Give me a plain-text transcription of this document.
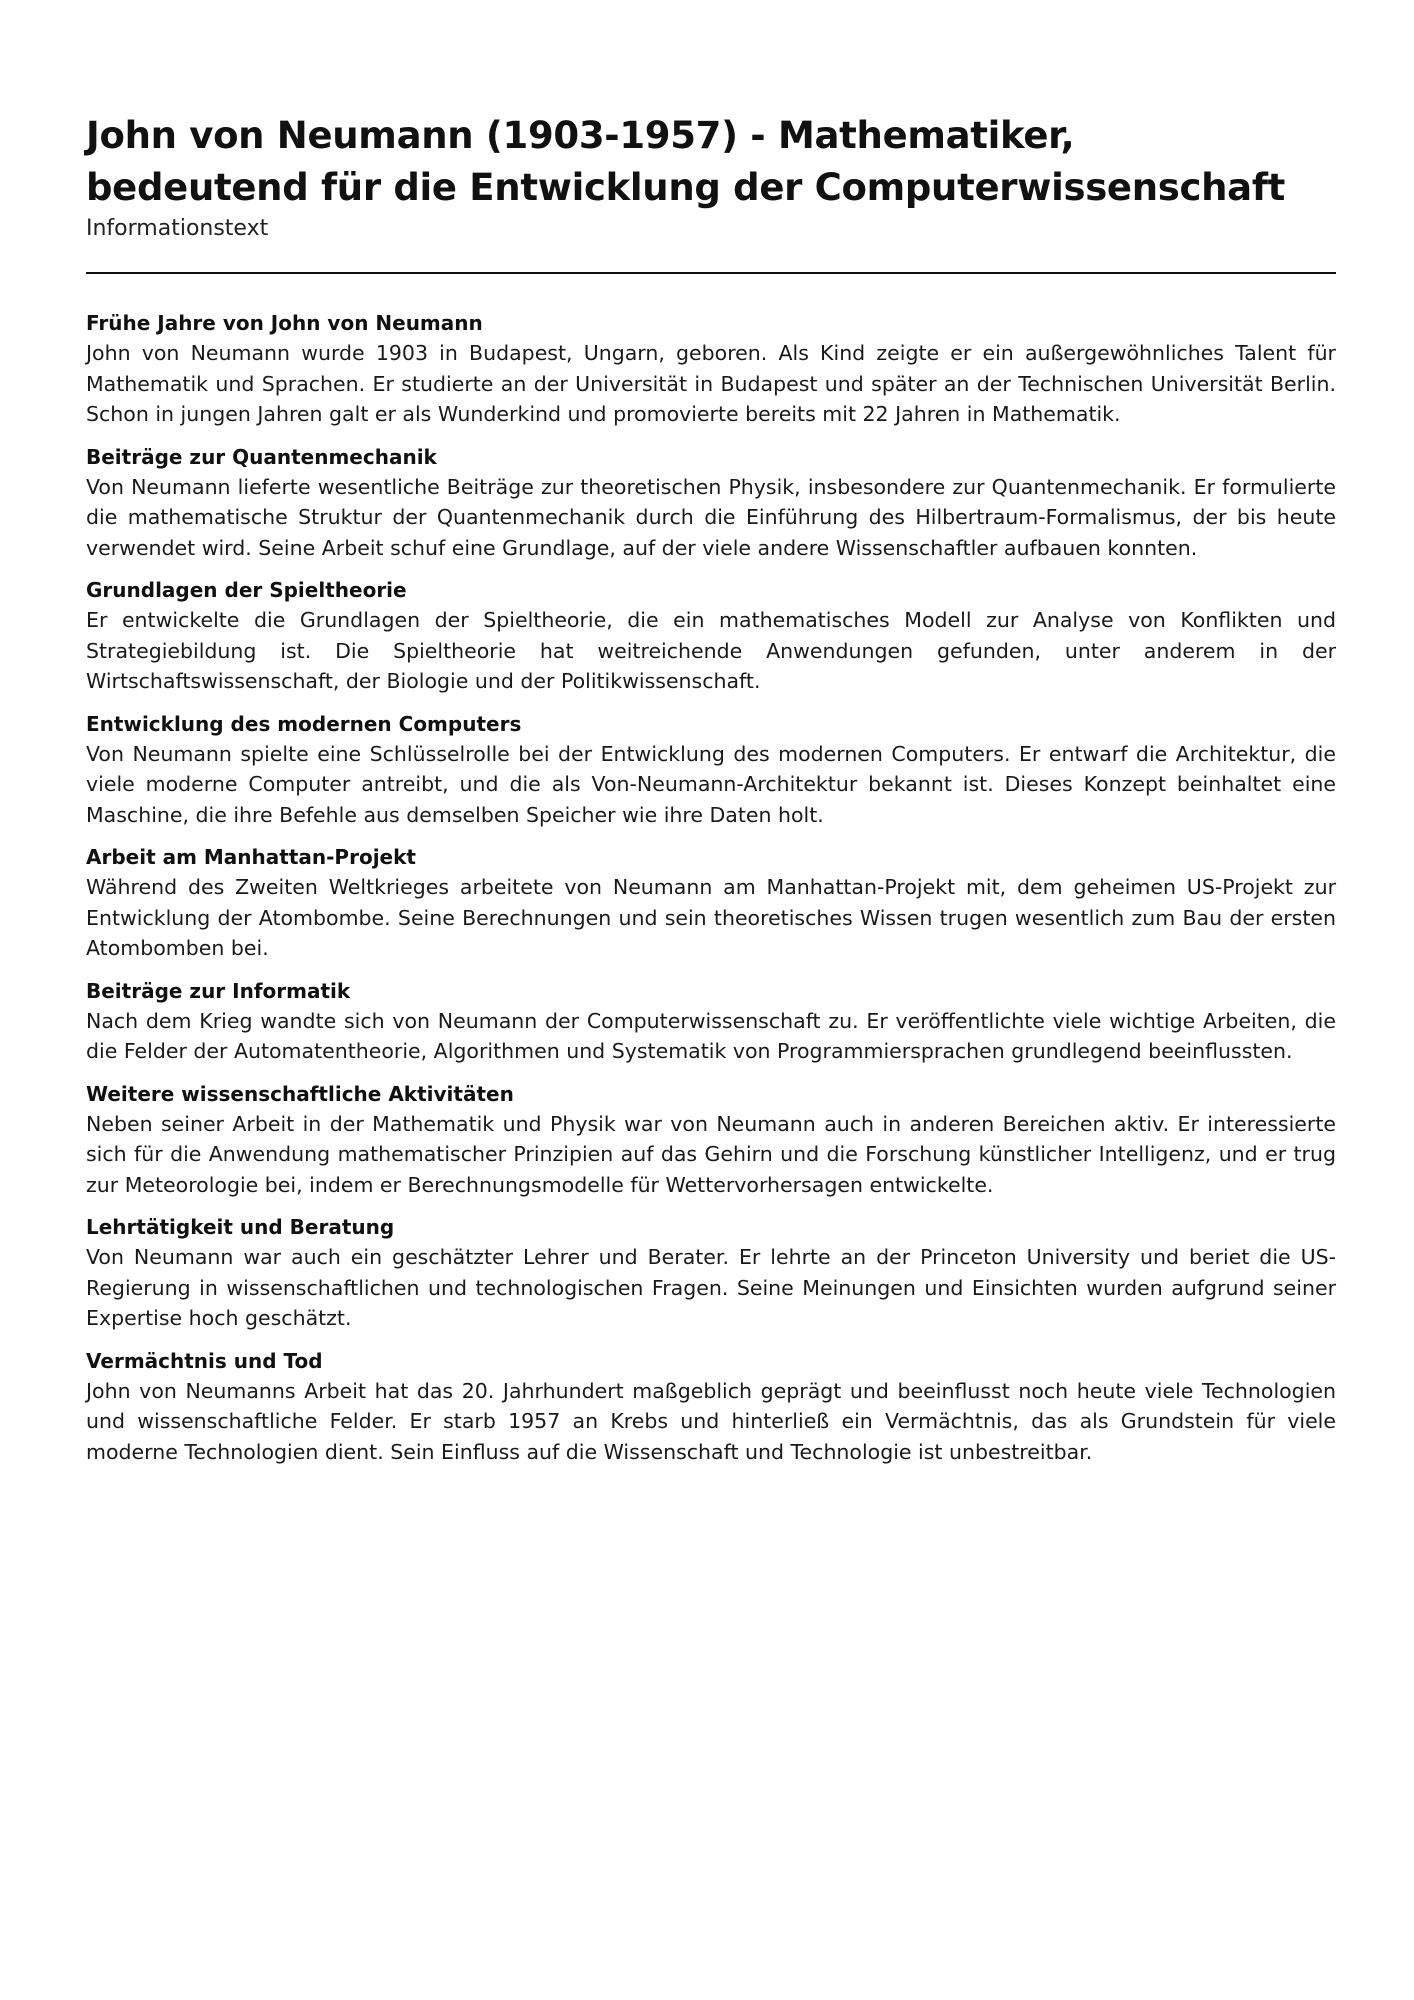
John von Neumann (1903-1957) - Mathematiker,
bedeutend für die Entwicklung der Computerwissenschaft

Informationstext

Frühe Jahre von John von Neumann

John von Neumann wurde 1903 in Budapest, Ungarn, geboren. Als Kind zeigte er ein außergewöhnliches Talent für Mathematik und Sprachen. Er studierte an der Universität in Budapest und später an der Technischen Universität Berlin. Schon in jungen Jahren galt er als Wunderkind und promovierte bereits mit 22 Jahren in Mathematik.

Beiträge zur Quantenmechanik

Von Neumann lieferte wesentliche Beiträge zur theoretischen Physik, insbesondere zur Quantenmechanik. Er formulierte die mathematische Struktur der Quantenmechanik durch die Einführung des Hilbertraum-Formalismus, der bis heute verwendet wird. Seine Arbeit schuf eine Grundlage, auf der viele andere Wissenschaftler aufbauen konnten.

Grundlagen der Spieltheorie

Er entwickelte die Grundlagen der Spieltheorie, die ein mathematisches Modell zur Analyse von Konflikten und Strategiebildung ist. Die Spieltheorie hat weitreichende Anwendungen gefunden, unter anderem in der Wirtschaftswissenschaft, der Biologie und der Politikwissenschaft.

Entwicklung des modernen Computers

Von Neumann spielte eine Schlüsselrolle bei der Entwicklung des modernen Computers. Er entwarf die Architektur, die viele moderne Computer antreibt, und die als Von-Neumann-Architektur bekannt ist. Dieses Konzept beinhaltet eine Maschine, die ihre Befehle aus demselben Speicher wie ihre Daten holt.

Arbeit am Manhattan-Projekt

Während des Zweiten Weltkrieges arbeitete von Neumann am Manhattan-Projekt mit, dem geheimen US-Projekt zur Entwicklung der Atombombe. Seine Berechnungen und sein theoretisches Wissen trugen wesentlich zum Bau der ersten Atombomben bei.

Beiträge zur Informatik

Nach dem Krieg wandte sich von Neumann der Computerwissenschaft zu. Er veröffentlichte viele wichtige Arbeiten, die die Felder der Automatentheorie, Algorithmen und Systematik von Programmiersprachen grundlegend beeinflussten.

Weitere wissenschaftliche Aktivitäten

Neben seiner Arbeit in der Mathematik und Physik war von Neumann auch in anderen Bereichen aktiv. Er interessierte sich für die Anwendung mathematischer Prinzipien auf das Gehirn und die Forschung künstlicher Intelligenz, und er trug zur Meteorologie bei, indem er Berechnungsmodelle für Wettervorhersagen entwickelte.

Lehrtätigkeit und Beratung

Von Neumann war auch ein geschätzter Lehrer und Berater. Er lehrte an der Princeton University und beriet die US-Regierung in wissenschaftlichen und technologischen Fragen. Seine Meinungen und Einsichten wurden aufgrund seiner Expertise hoch geschätzt.

Vermächtnis und Tod

John von Neumanns Arbeit hat das 20. Jahrhundert maßgeblich geprägt und beeinflusst noch heute viele Technologien und wissenschaftliche Felder. Er starb 1957 an Krebs und hinterließ ein Vermächtnis, das als Grundstein für viele moderne Technologien dient. Sein Einfluss auf die Wissenschaft und Technologie ist unbestreitbar.
